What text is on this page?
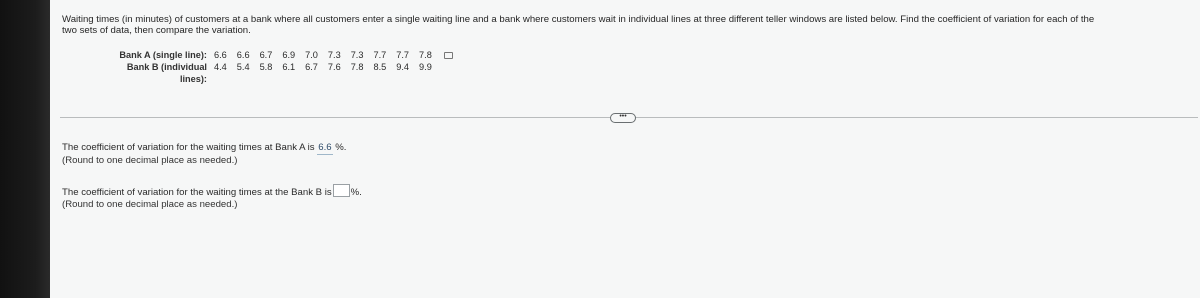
Waiting times (in minutes) of customers at a bank where all customers enter a single waiting line and a bank where customers wait in individual lines at three different teller windows are listed below. Find the coefficient of variation for each of the
two sets of data, then compare the variation.
Bank A (single line): 6.6 6.6 6.7 6.9 7.0 7.3 7.3 7.7 7.7 7.8
Bank B (individual
lines):
4.4 5.4 5.8 6.1 6.7 7.6 7.8 8.5 9.4 9.9
•••
The coefficient of variation for the waiting times at Bank A is 6.6 %.
(Round to one decimal place as needed.)
The coefficient of variation for the waiting times at the Bank B is %.
(Round to one decimal place as needed.)
